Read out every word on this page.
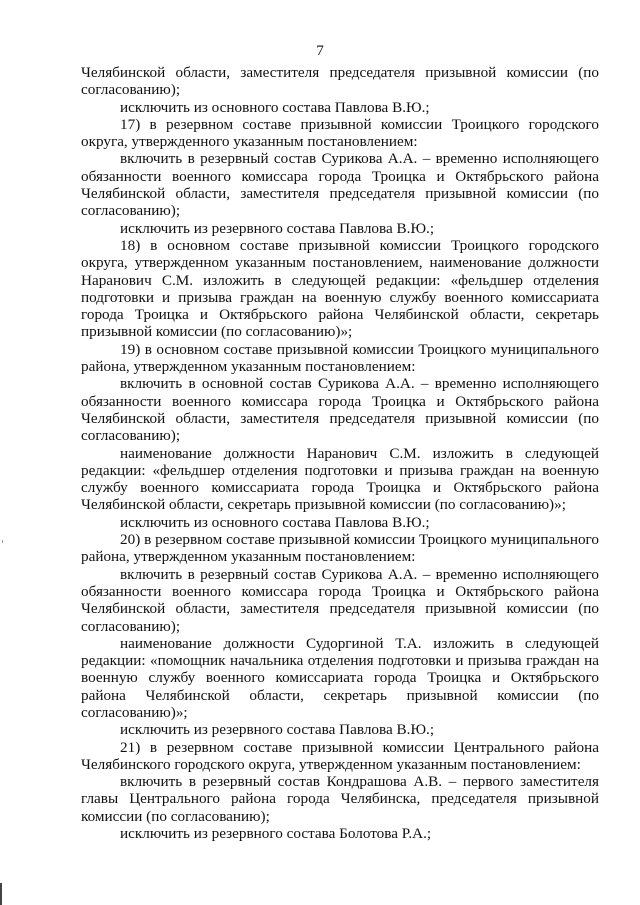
7

Челябинской области, заместителя председателя призывной комиссии (по согласованию);

исключить из основного состава Павлова В.Ю.;

17) в резервном составе призывной комиссии Троицкого городского округа, утвержденного указанным постановлением:

включить в резервный состав Сурикова А.А. – временно исполняющего обязанности военного комиссара города Троицка и Октябрьского района Челябинской области, заместителя председателя призывной комиссии (по согласованию);

исключить из резервного состава Павлова В.Ю.;

18) в основном составе призывной комиссии Троицкого городского округа, утвержденном указанным постановлением, наименование должности Наранович С.М. изложить в следующей редакции: «фельдшер отделения подготовки и призыва граждан на военную службу военного комиссариата города Троицка и Октябрьского района Челябинской области, секретарь призывной комиссии (по согласованию)»;

19) в основном составе призывной комиссии Троицкого муниципального района, утвержденном указанным постановлением:

включить в основной состав Сурикова А.А. – временно исполняющего обязанности военного комиссара города Троицка и Октябрьского района Челябинской области, заместителя председателя призывной комиссии (по согласованию);

наименование должности Наранович С.М. изложить в следующей редакции: «фельдшер отделения подготовки и призыва граждан на военную службу военного комиссариата города Троицка и Октябрьского района Челябинской области, секретарь призывной комиссии (по согласованию)»;

исключить из основного состава Павлова В.Ю.;

20) в резервном составе призывной комиссии Троицкого муниципального района, утвержденном указанным постановлением:

включить в резервный состав Сурикова А.А. – временно исполняющего обязанности военного комиссара города Троицка и Октябрьского района Челябинской области, заместителя председателя призывной комиссии (по согласованию);

наименование должности Судоргиной Т.А. изложить в следующей редакции: «помощник начальника отделения подготовки и призыва граждан на военную службу военного комиссариата города Троицка и Октябрьского района Челябинской области, секретарь призывной комиссии (по согласованию)»;

исключить из резервного состава Павлова В.Ю.;

21) в резервном составе призывной комиссии Центрального района Челябинского городского округа, утвержденном указанным постановлением:

включить в резервный состав Кондрашова А.В. – первого заместителя главы Центрального района города Челябинска, председателя призывной комиссии (по согласованию);

исключить из резервного состава Болотова Р.А.;
